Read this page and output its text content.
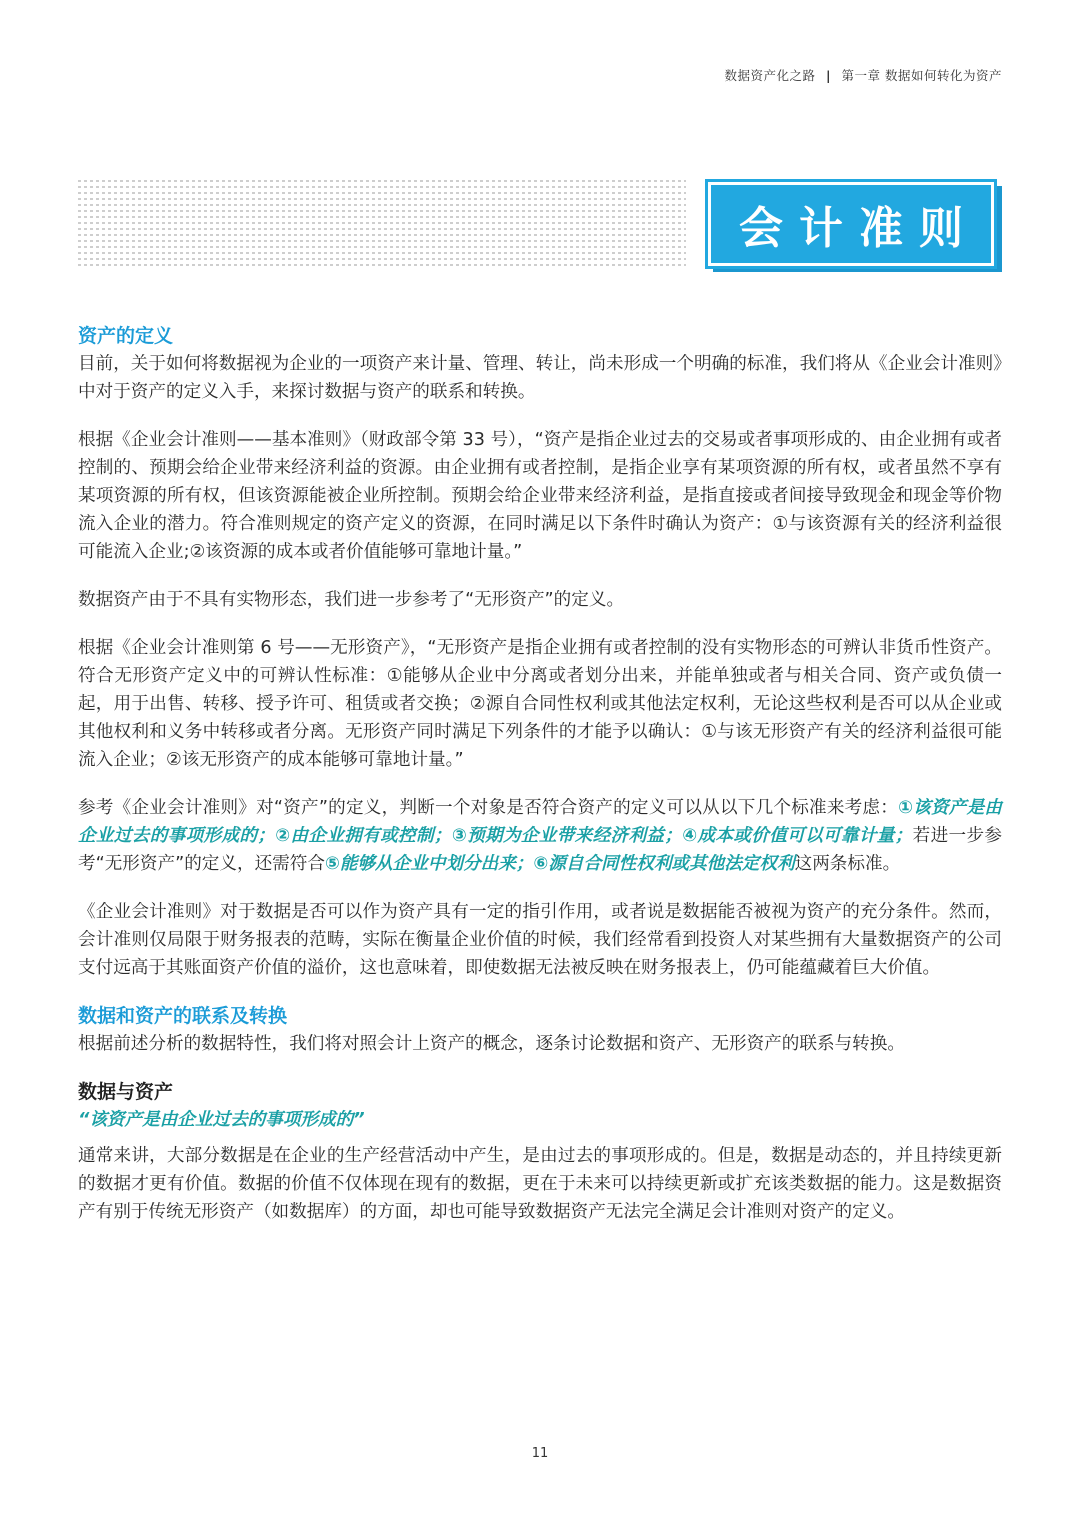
数据资产化之路 | 第一章 数据如何转化为资产
会计准则
资产的定义

目前，关于如何将数据视为企业的一项资产来计量、管理、转让，尚未形成一个明确的标准，我们将从《企业会计准则》中对于资产的定义入手，来探讨数据与资产的联系和转换。

根据《企业会计准则——基本准则》（财政部令第 33 号），“资产是指企业过去的交易或者事项形成的、由企业拥有或者控制的、预期会给企业带来经济利益的资源。由企业拥有或者控制，是指企业享有某项资源的所有权，或者虽然不享有某项资源的所有权，但该资源能被企业所控制。预期会给企业带来经济利益，是指直接或者间接导致现金和现金等价物流入企业的潜力。符合准则规定的资产定义的资源，在同时满足以下条件时确认为资产：①与该资源有关的经济利益很可能流入企业;②该资源的成本或者价值能够可靠地计量。”

数据资产由于不具有实物形态，我们进一步参考了“无形资产”的定义。

根据《企业会计准则第 6 号——无形资产》，“无形资产是指企业拥有或者控制的没有实物形态的可辨认非货币性资产。符合无形资产定义中的可辨认性标准：①能够从企业中分离或者划分出来，并能单独或者与相关合同、资产或负债一起，用于出售、转移、授予许可、租赁或者交换；②源自合同性权利或其他法定权利，无论这些权利是否可以从企业或其他权利和义务中转移或者分离。无形资产同时满足下列条件的才能予以确认：①与该无形资产有关的经济利益很可能流入企业；②该无形资产的成本能够可靠地计量。”

参考《企业会计准则》对“资产”的定义，判断一个对象是否符合资产的定义可以从以下几个标准来考虑：①该资产是由企业过去的事项形成的；②由企业拥有或控制；③预期为企业带来经济利益；④成本或价值可以可靠计量；若进一步参考“无形资产”的定义，还需符合⑤能够从企业中划分出来；⑥源自合同性权利或其他法定权利这两条标准。

《企业会计准则》对于数据是否可以作为资产具有一定的指引作用，或者说是数据能否被视为资产的充分条件。然而，会计准则仅局限于财务报表的范畴，实际在衡量企业价值的时候，我们经常看到投资人对某些拥有大量数据资产的公司支付远高于其账面资产价值的溢价，这也意味着，即使数据无法被反映在财务报表上，仍可能蕴藏着巨大价值。

数据和资产的联系及转换

根据前述分析的数据特性，我们将对照会计上资产的概念，逐条讨论数据和资产、无形资产的联系与转换。

数据与资产
“该资产是由企业过去的事项形成的”

通常来讲，大部分数据是在企业的生产经营活动中产生，是由过去的事项形成的。但是，数据是动态的，并且持续更新的数据才更有价值。数据的价值不仅体现在现有的数据，更在于未来可以持续更新或扩充该类数据的能力。这是数据资产有别于传统无形资产（如数据库）的方面，却也可能导致数据资产无法完全满足会计准则对资产的定义。

11
